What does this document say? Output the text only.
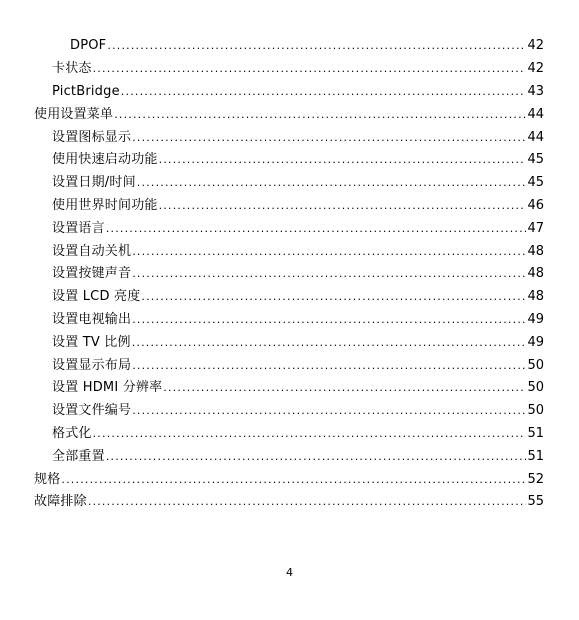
DPOF .....	42
卡状态 .....	42
PictBridge .....	43
使用设置菜单 .....	44
设置图标显示 .....	44
使用快速启动功能 .....	45
设置日期/时间 .....	45
使用世界时间功能 .....	46
设置语言 .....	47
设置自动关机 .....	48
设置按键声音 .....	48
设置 LCD 亮度 .....	48
设置电视输出 .....	49
设置 TV 比例 .....	49
设置显示布局 .....	50
设置 HDMI 分辨率 .....	50
设置文件编号 .....	50
格式化 .....	51
全部重置 .....	51
规格 .....	52
故障排除 .....	55
4
